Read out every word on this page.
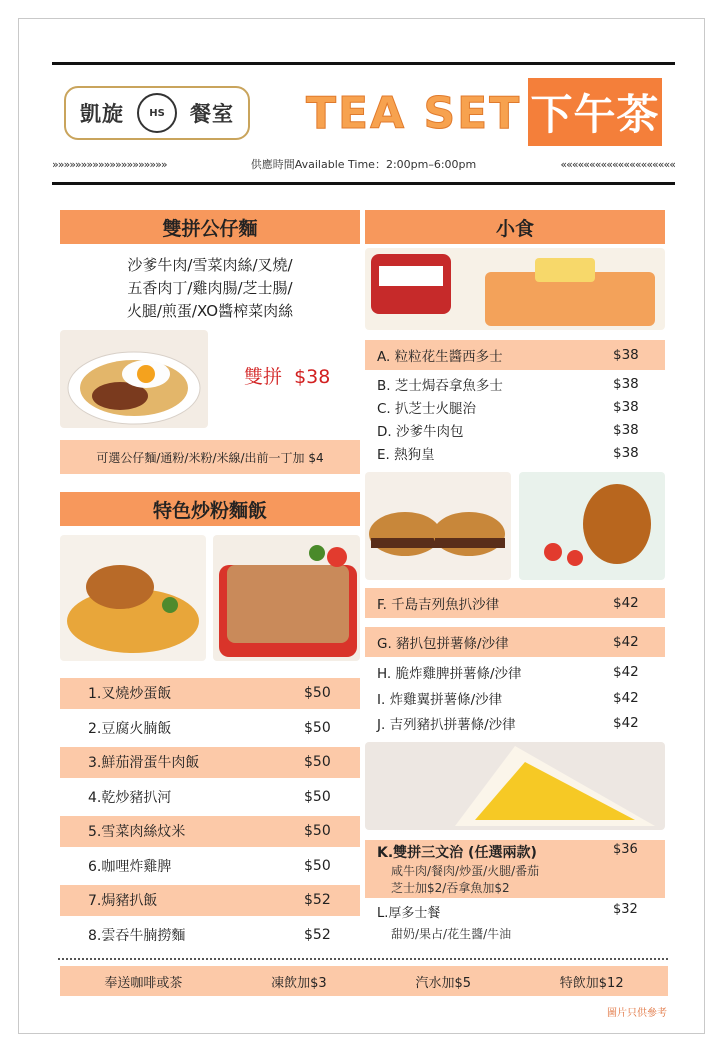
凱旋	HS	餐室 TEA SET 下午茶
»»»»»»»»»»»»»»»»»»»»	供應時間Available Time：2:00pm–6:00pm	««««««««««««««««««««
雙拼公仔麵
沙爹牛肉/雪菜肉絲/叉燒/
五香肉丁/雞肉腸/芝士腸/
火腿/煎蛋/XO醬榨菜肉絲
雙拼 $38
可選公仔麵/通粉/米粉/米線/出前一丁加 $4
特色炒粉麵飯
1.叉燒炒蛋飯	$50
2.豆腐火腩飯	$50
3.鮮茄滑蛋牛肉飯	$50
4.乾炒豬扒河	$50
5.雪菜肉絲炆米	$50
6.咖哩炸雞脾	$50
7.焗豬扒飯	$52
8.雲吞牛腩撈麵	$52
小食
A. 粒粒花生醬西多士	$38
B. 芝士焗吞拿魚多士	$38
C. 扒芝士火腿治	$38
D. 沙爹牛肉包	$38
E. 熱狗皇	$38
F. 千島吉列魚扒沙律	$42
G. 豬扒包拼薯條/沙律	$42
H. 脆炸雞脾拼薯條/沙律	$42
I. 炸雞翼拼薯條/沙律	$42
J. 吉列豬扒拼薯條/沙律	$42
K.雙拼三文治 (任選兩款)	$36
咸牛肉/餐肉/炒蛋/火腿/番茄
芝士加$2/吞拿魚加$2
L.厚多士餐	$32
甜奶/果占/花生醬/牛油
奉送咖啡或茶	凍飲加$3	汽水加$5	特飲加$12
圖片只供參考
